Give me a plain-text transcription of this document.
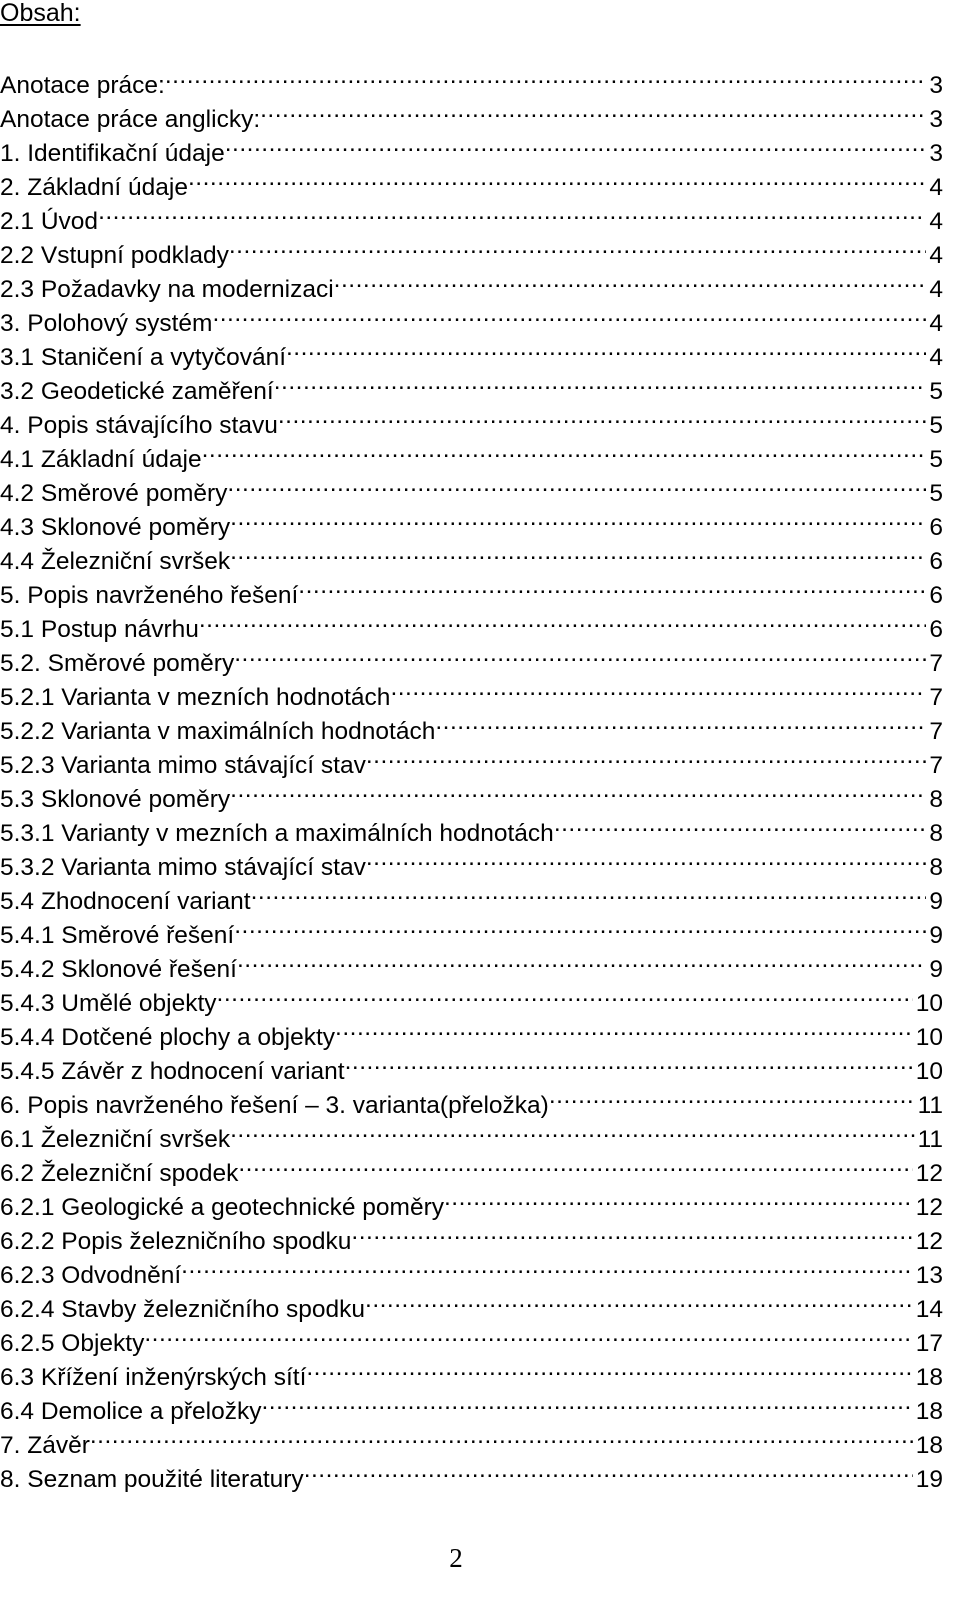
Obsah:
Anotace práce: .....	3
Anotace práce anglicky: .....	3
1. Identifikační údaje .....	3
2. Základní údaje .....	4
2.1 Úvod .....	4
2.2 Vstupní podklady .....	4
2.3 Požadavky na modernizaci .....	4
3. Polohový systém .....	4
3.1 Staničení a vytyčování .....	4
3.2 Geodetické zaměření .....	5
4. Popis stávajícího stavu .....	5
4.1 Základní údaje .....	5
4.2 Směrové poměry .....	5
4.3 Sklonové poměry .....	6
4.4 Železniční svršek .....	6
5. Popis navrženého řešení .....	6
5.1 Postup návrhu .....	6
5.2. Směrové poměry .....	7
5.2.1 Varianta v mezních hodnotách .....	7
5.2.2 Varianta v maximálních hodnotách .....	7
5.2.3 Varianta mimo stávající stav .....	7
5.3 Sklonové poměry .....	8
5.3.1 Varianty v mezních a maximálních hodnotách .....	8
5.3.2 Varianta mimo stávající stav .....	8
5.4 Zhodnocení variant .....	9
5.4.1 Směrové řešení .....	9
5.4.2 Sklonové řešení .....	9
5.4.3 Umělé objekty .....	10
5.4.4 Dotčené plochy a objekty .....	10
5.4.5 Závěr z hodnocení variant .....	10
6. Popis navrženého řešení – 3. varianta(přeložka) .....	11
6.1 Železniční svršek .....	11
6.2 Železniční spodek .....	12
6.2.1 Geologické a geotechnické poměry .....	12
6.2.2 Popis železničního spodku .....	12
6.2.3 Odvodnění .....	13
6.2.4 Stavby železničního spodku .....	14
6.2.5 Objekty .....	17
6.3 Křížení inženýrských sítí .....	18
6.4 Demolice a přeložky .....	18
7. Závěr .....	18
8. Seznam použité literatury .....	19
2
